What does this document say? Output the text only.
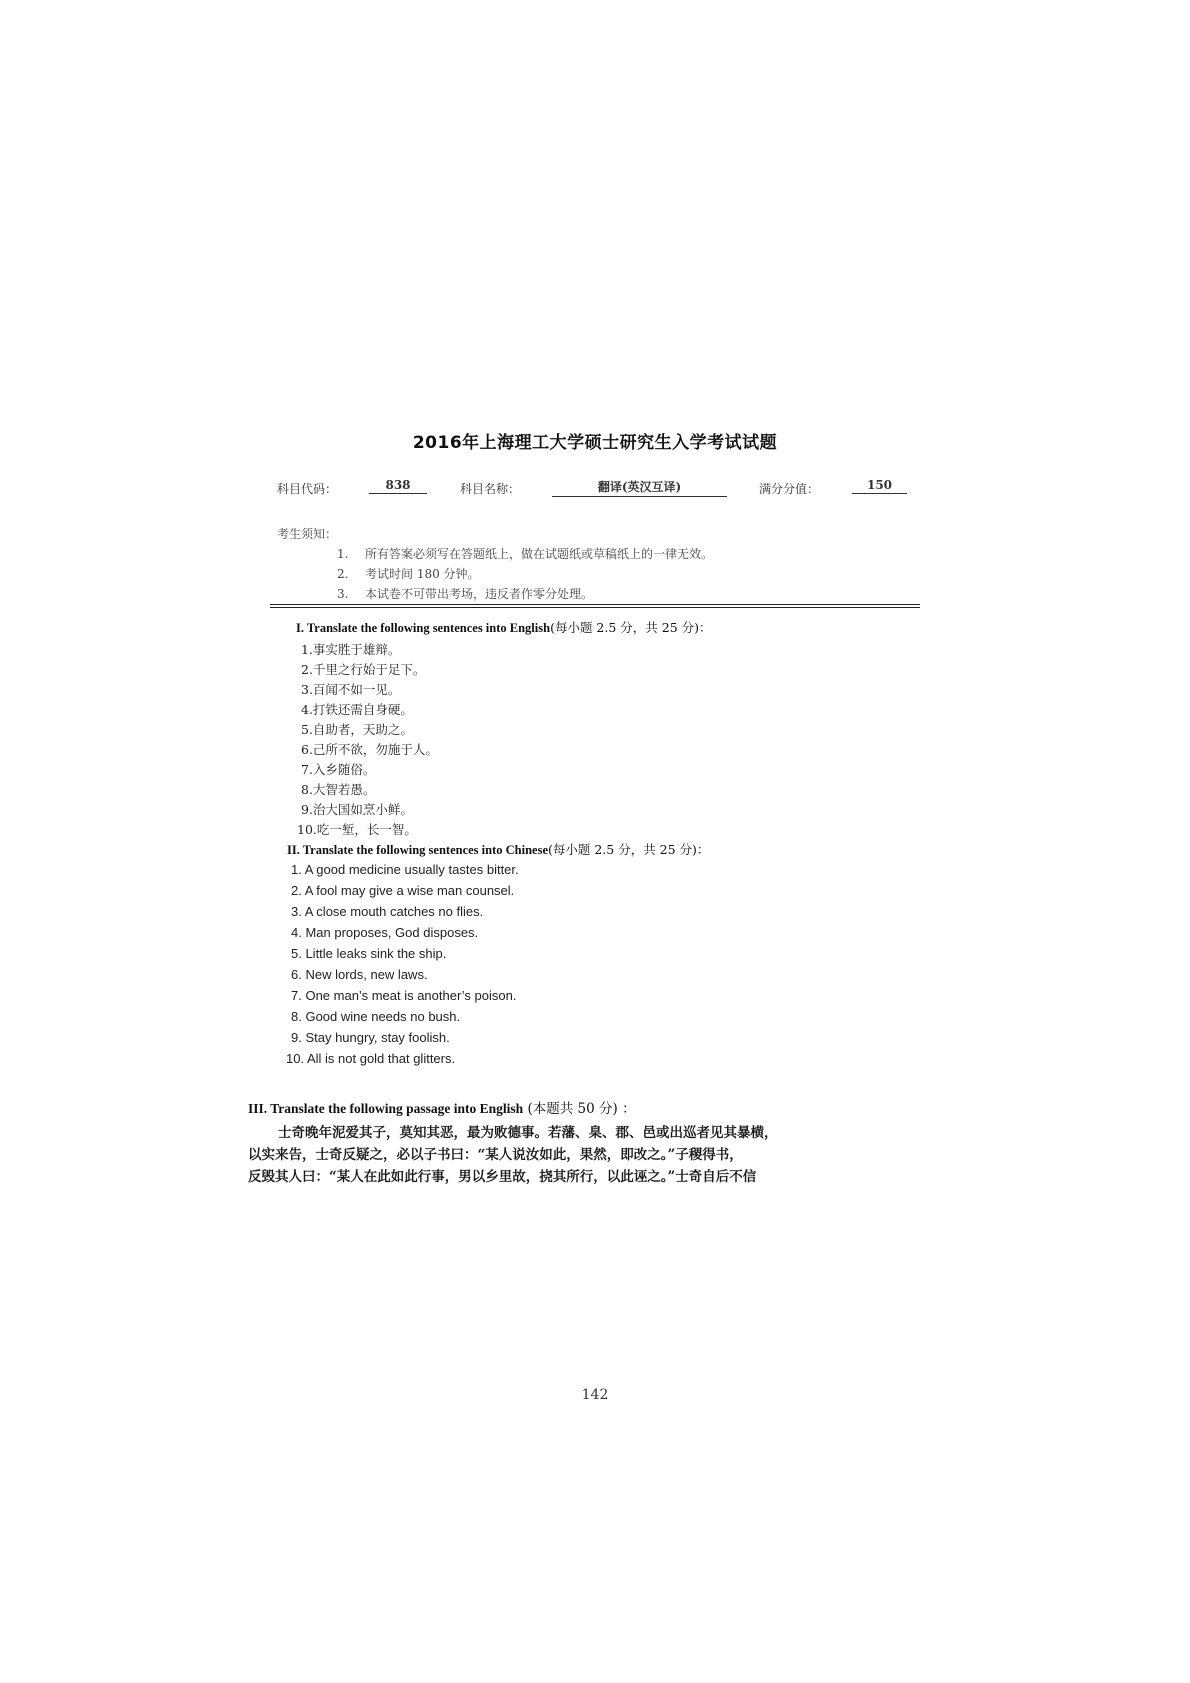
2016年上海理工大学硕士研究生入学考试试题
科目代码：	838	科目名称：	翻译(英汉互译)	满分分值：	150
考生须知：
1. 所有答案必须写在答题纸上，做在试题纸或草稿纸上的一律无效。
2. 考试时间 180 分钟。
3. 本试卷不可带出考场，违反者作零分处理。
I. Translate the following sentences into English(每小题 2.5 分，共 25 分)：
1.事实胜于雄辩。
2.千里之行始于足下。
3.百闻不如一见。
4.打铁还需自身硬。
5.自助者，天助之。
6.己所不欲，勿施于人。
7.入乡随俗。
8.大智若愚。
9.治大国如烹小鲜。
10.吃一堑，长一智。
II. Translate the following sentences into Chinese(每小题 2.5 分，共 25 分)：
1. A good medicine usually tastes bitter.
2. A fool may give a wise man counsel.
3. A close mouth catches no flies.
4. Man proposes, God disposes.
5. Little leaks sink the ship.
6. New lords, new laws.
7. One man’s meat is another’s poison.
8. Good wine needs no bush.
9. Stay hungry, stay foolish.
10. All is not gold that glitters.
III. Translate the following passage into English (本题共 50 分) ：
士奇晚年泥爱其子，莫知其恶，最为败德事。若藩、臬、郡、邑或出巡者见其暴横，
以实来告，士奇反疑之，必以子书曰：“某人说汝如此，果然，即改之。”子稷得书，
反毁其人曰：“某人在此如此行事，男以乡里故，挠其所行，以此诬之。”士奇自后不信
142
